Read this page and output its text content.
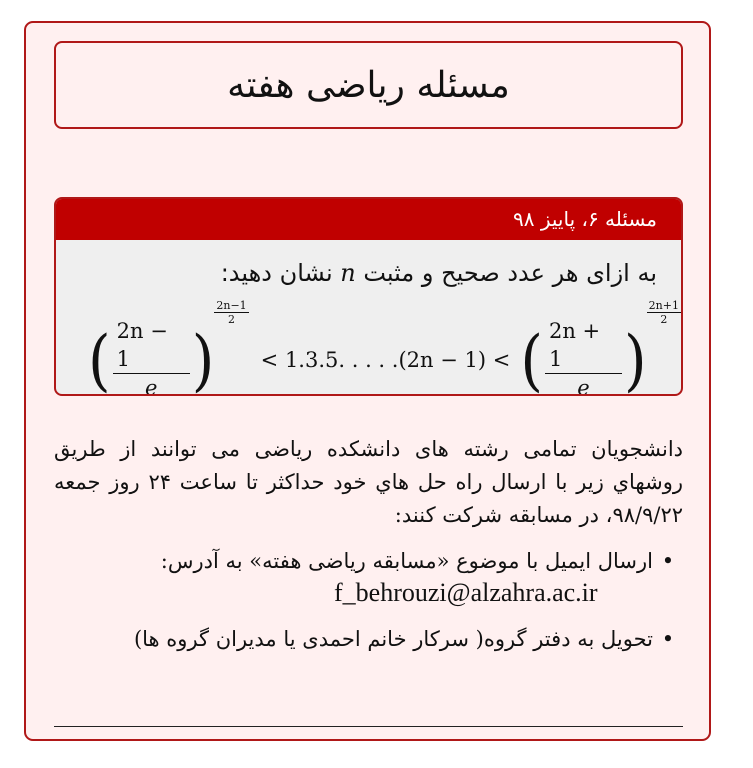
مسئله ریاضی هفته
مسئله ۶، پاییز ۹۸
به ازای هر عدد صحیح و مثبت n نشان دهید:
( $\frac{2n - 1}{e}$ )
$\frac{2n-1}{2}$
< 1.3.5. . . . .(2n − 1) < ( $\frac{2n + 1}{e}$ )
$\frac{2n+1}{2}$
دانشجویان تمامی رشته های دانشکده ریاضی می توانند از طریق روشهاي زير با ارسال راه حل هاي خود حداکثر تا ساعت ۲۴ روز جمعه ۹۸/۹/۲۲، در مسابقه شرکت کنند:
•
ارسال ایمیل با موضوع «مسابقه ریاضی هفته» به آدرس:
f_behrouzi@alzahra.ac.ir
•
تحویل به دفتر گروه( سرکار خانم احمدی یا مدیران گروه ها)
